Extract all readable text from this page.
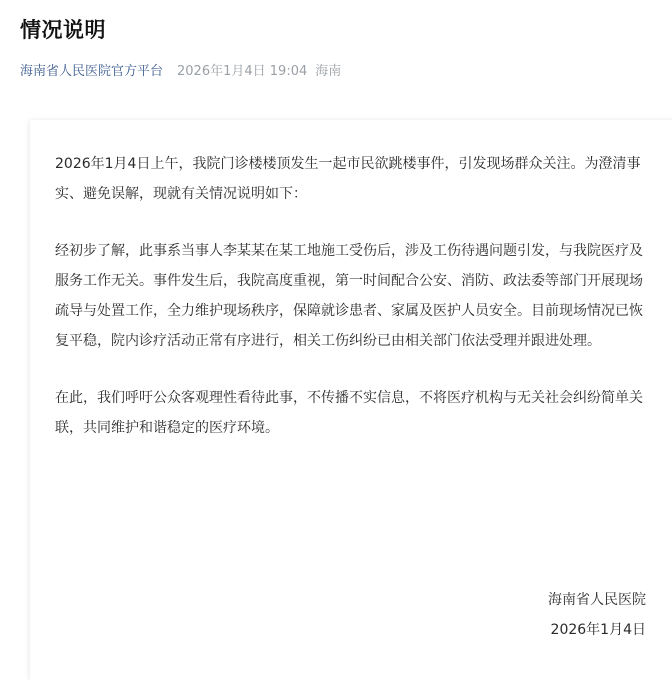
情况说明
海南省人民医院官方平台 2026年1月4日 19:04 海南

2026年1月4日上午，我院门诊楼楼顶发生一起市民欲跳楼事件，引发现场群众关注。为澄清事实、避免误解，现就有关情况说明如下：

经初步了解，此事系当事人李某某在某工地施工受伤后，涉及工伤待遇问题引发，与我院医疗及服务工作无关。事件发生后，我院高度重视，第一时间配合公安、消防、政法委等部门开展现场疏导与处置工作，全力维护现场秩序，保障就诊患者、家属及医护人员安全。目前现场情况已恢复平稳，院内诊疗活动正常有序进行，相关工伤纠纷已由相关部门依法受理并跟进处理。

在此，我们呼吁公众客观理性看待此事，不传播不实信息，不将医疗机构与无关社会纠纷简单关联，共同维护和谐稳定的医疗环境。

海南省人民医院
2026年1月4日
